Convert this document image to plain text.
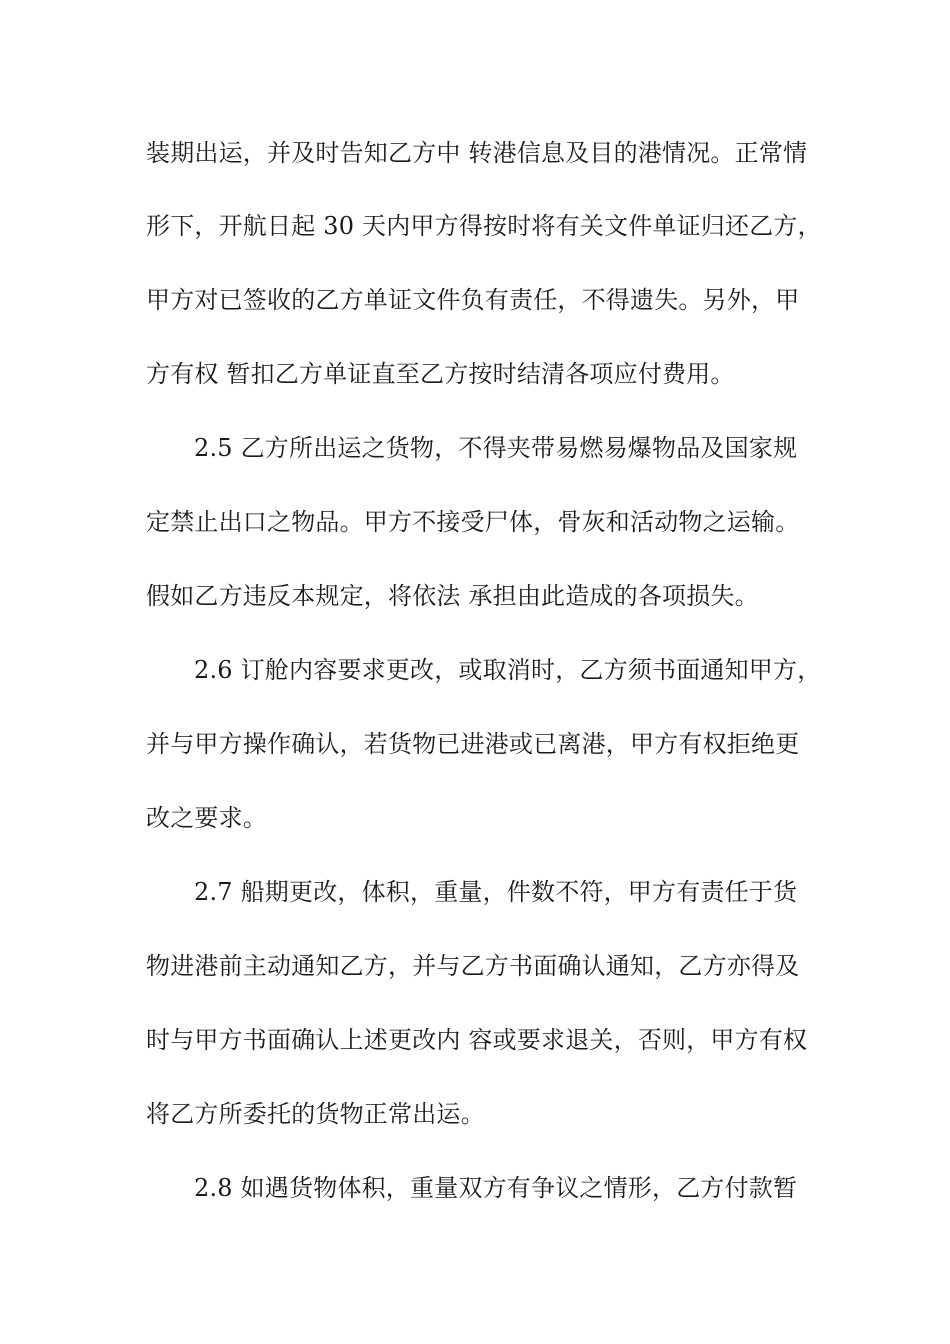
装期出运，并及时告知乙方中 转港信息及目的港情况。正常情
形下，开航日起 30 天内甲方得按时将有关文件单证归还乙方，
甲方对已签收的乙方单证文件负有责任，不得遗失。另外，甲
方有权 暂扣乙方单证直至乙方按时结清各项应付费用。
2.5 乙方所出运之货物，不得夹带易燃易爆物品及国家规
定禁止出口之物品。甲方不接受尸体，骨灰和活动物之运输。
假如乙方违反本规定，将依法 承担由此造成的各项损失。
2.6 订舱内容要求更改，或取消时，乙方须书面通知甲方，
并与甲方操作确认，若货物已进港或已离港，甲方有权拒绝更
改之要求。
2.7 船期更改，体积，重量，件数不符，甲方有责任于货
物进港前主动通知乙方，并与乙方书面确认通知，乙方亦得及
时与甲方书面确认上述更改内 容或要求退关，否则，甲方有权
将乙方所委托的货物正常出运。
2.8 如遇货物体积，重量双方有争议之情形，乙方付款暂
